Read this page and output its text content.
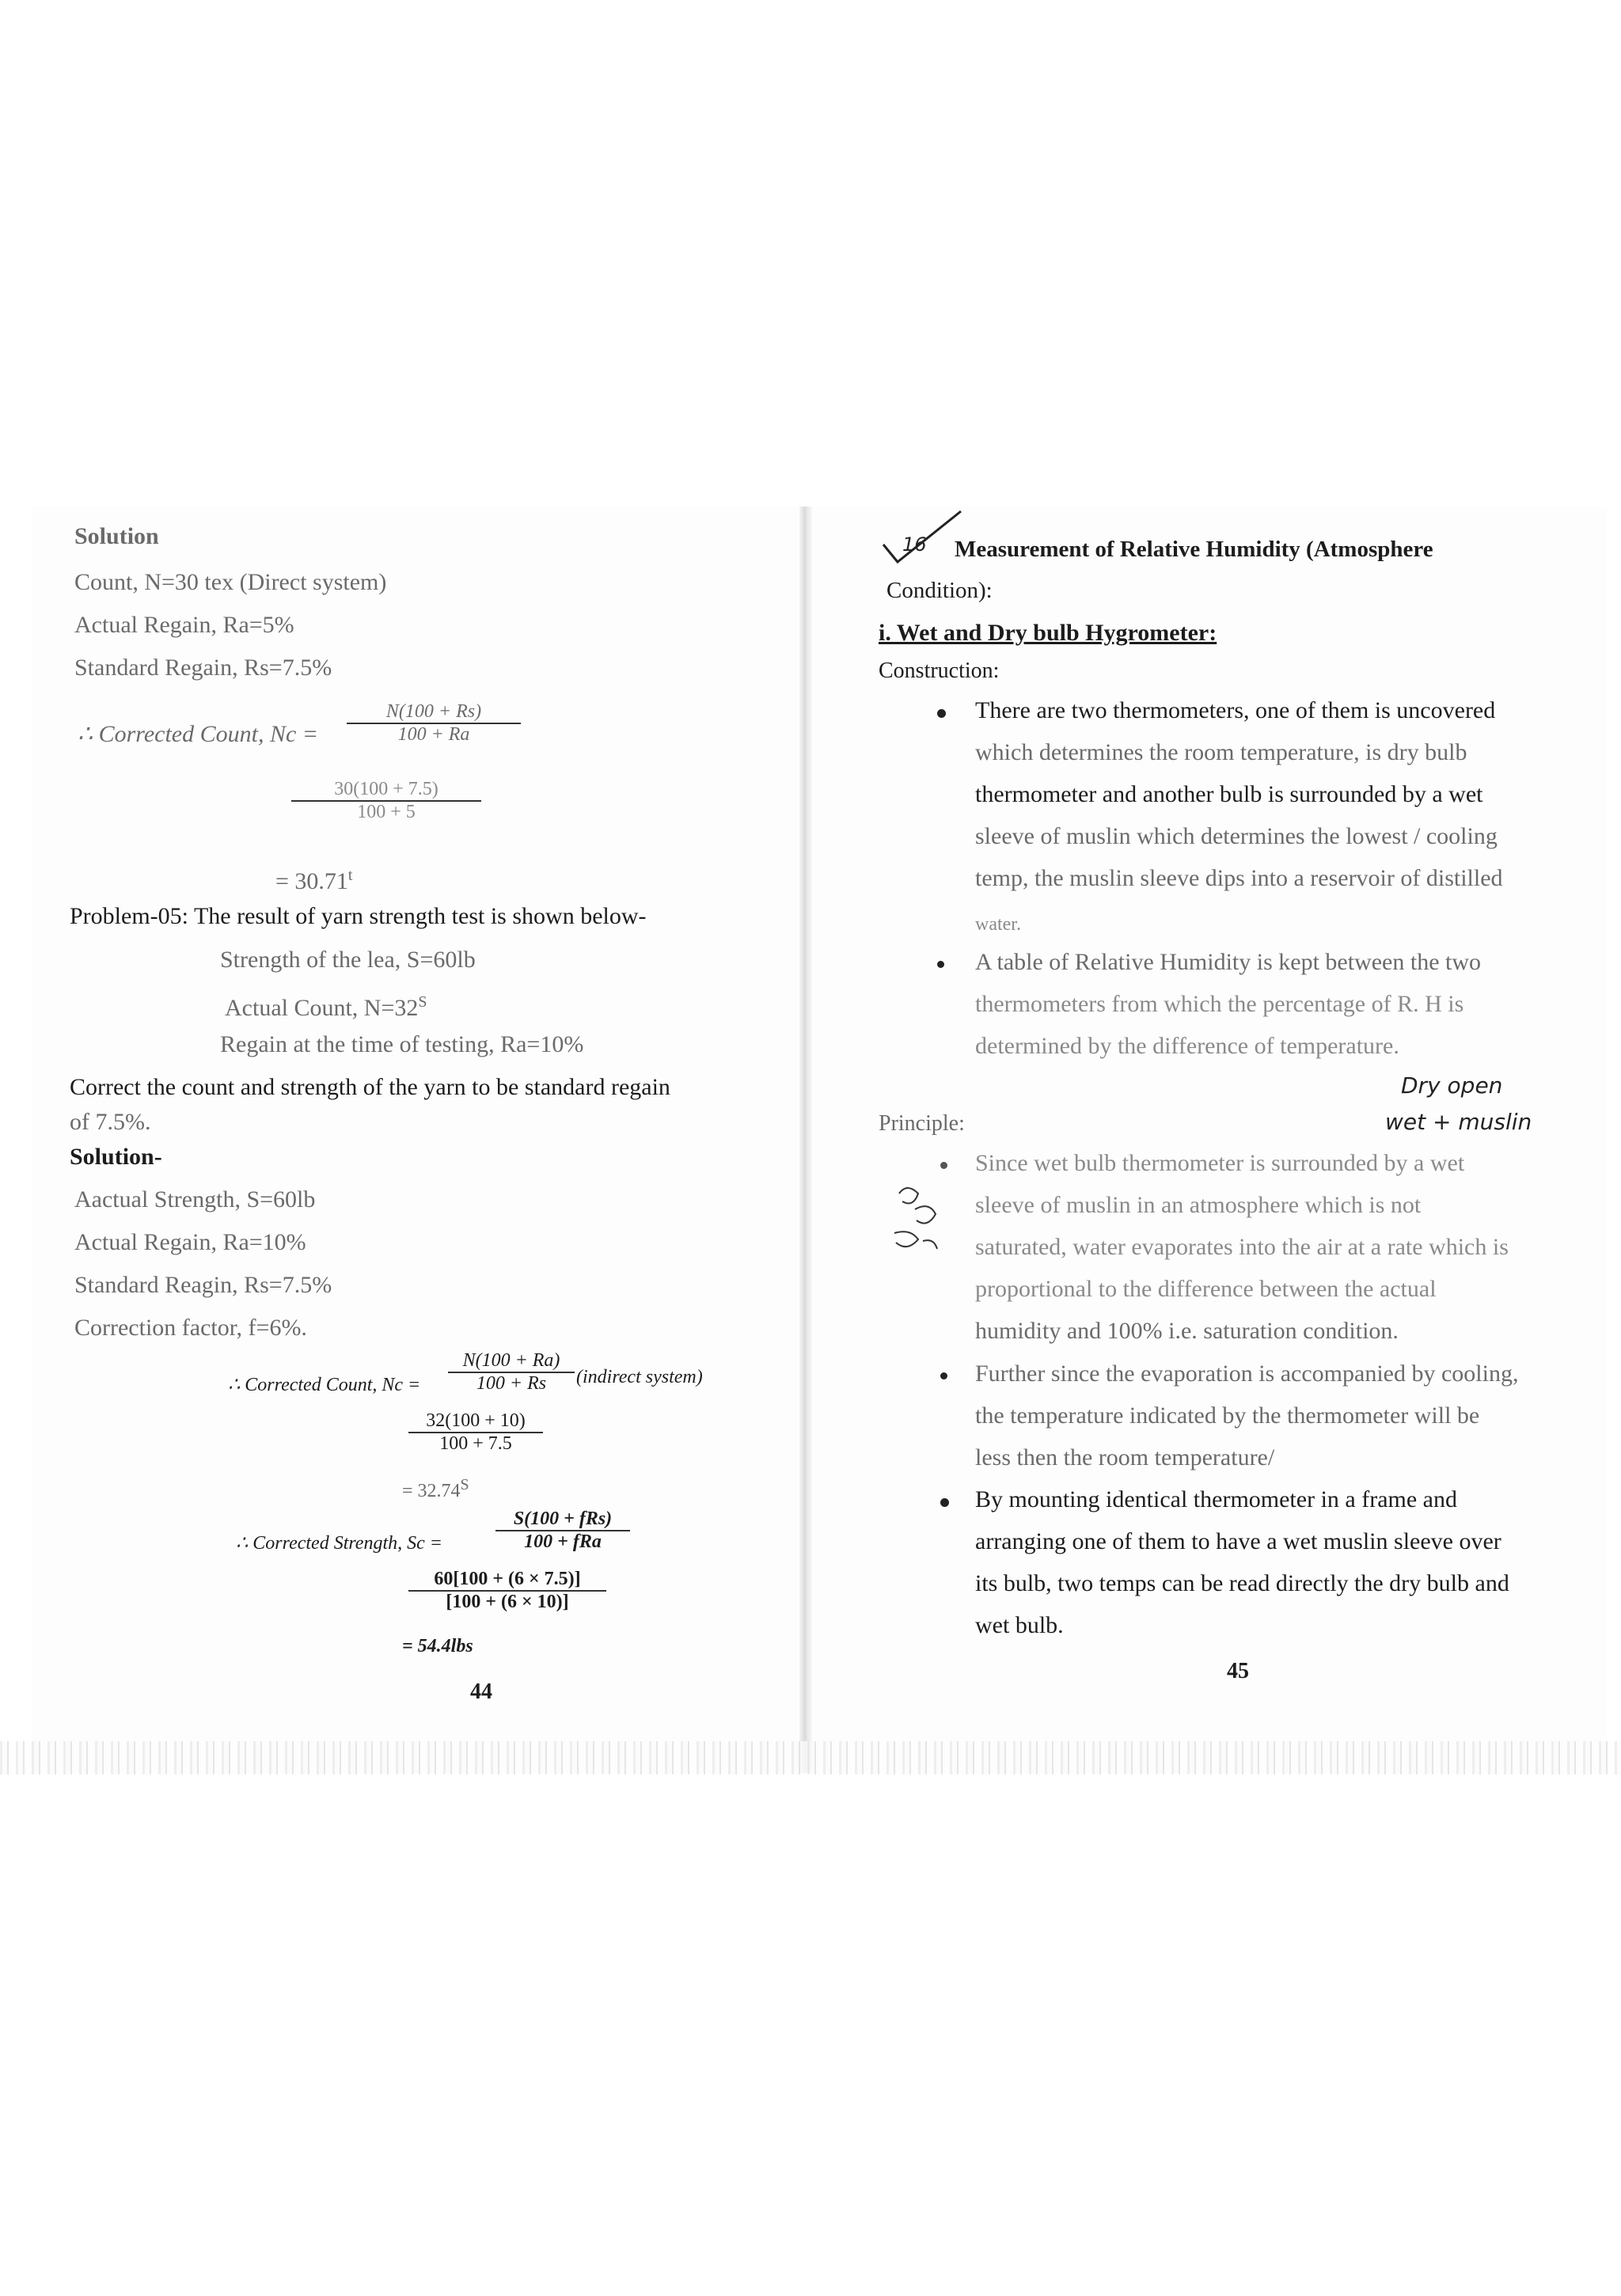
Solution
Count, N=30 tex (Direct system)
Actual Regain, Ra=5%
Standard Regain, Rs=7.5%
∴ Corrected Count, $Nc = \frac{N(100 + Rs)}{100 + Ra}$
$\frac{30(100 + 7.5)}{100 + 5}$
= $30.71^t$
Problem-05: The result of yarn strength test is shown below-
Strength of the lea, S=60lb
Actual Count, $N=32^S$
Regain at the time of testing, Ra=10%
Correct the count and strength of the yarn to be standard regain
of 7.5%.
Solution-
Aactual Strength, S=60lb
Actual Regain, Ra=10%
Standard Reagin, Rs=7.5%
Correction factor, f=6%.
∴ Corrected Count, $Nc = \frac{N(100 + Ra)}{100 + Rs}$ (indirect system)
$\frac{32(100 + 10)}{100 + 7.5}$
= $32.74^S$
∴ Corrected Strength, Sc =
S(100 + fRs)
100 + fRa
$\frac{60[100 + (6 \times 7.5)]}{[100 + (6 \times 10)]}$
= 54.4lbs
44
16 Measurement of Relative Humidity (Atmosphere
Condition):
i. Wet and Dry bulb Hygrometer:
Construction:
There are two thermometers, one of them is uncovered
which determines the room temperature, is dry bulb
thermometer and another bulb is surrounded by a wet
sleeve of muslin which determines the lowest / cooling
temp, the muslin sleeve dips into a reservoir of distilled
water.
A table of Relative Humidity is kept between the two
thermometers from which the percentage of R. H is
determined by the difference of temperature.
Dry open
wet + muslin
Principle:
Since wet bulb thermometer is surrounded by a wet
sleeve of muslin in an atmosphere which is not
saturated, water evaporates into the air at a rate which is
proportional to the difference between the actual
humidity and 100% i.e. saturation condition.
Further since the evaporation is accompanied by cooling,
the temperature indicated by the thermometer will be
less then the room temperature/
By mounting identical thermometer in a frame and
arranging one of them to have a wet muslin sleeve over
its bulb, two temps can be read directly the dry bulb and
wet bulb.
45
